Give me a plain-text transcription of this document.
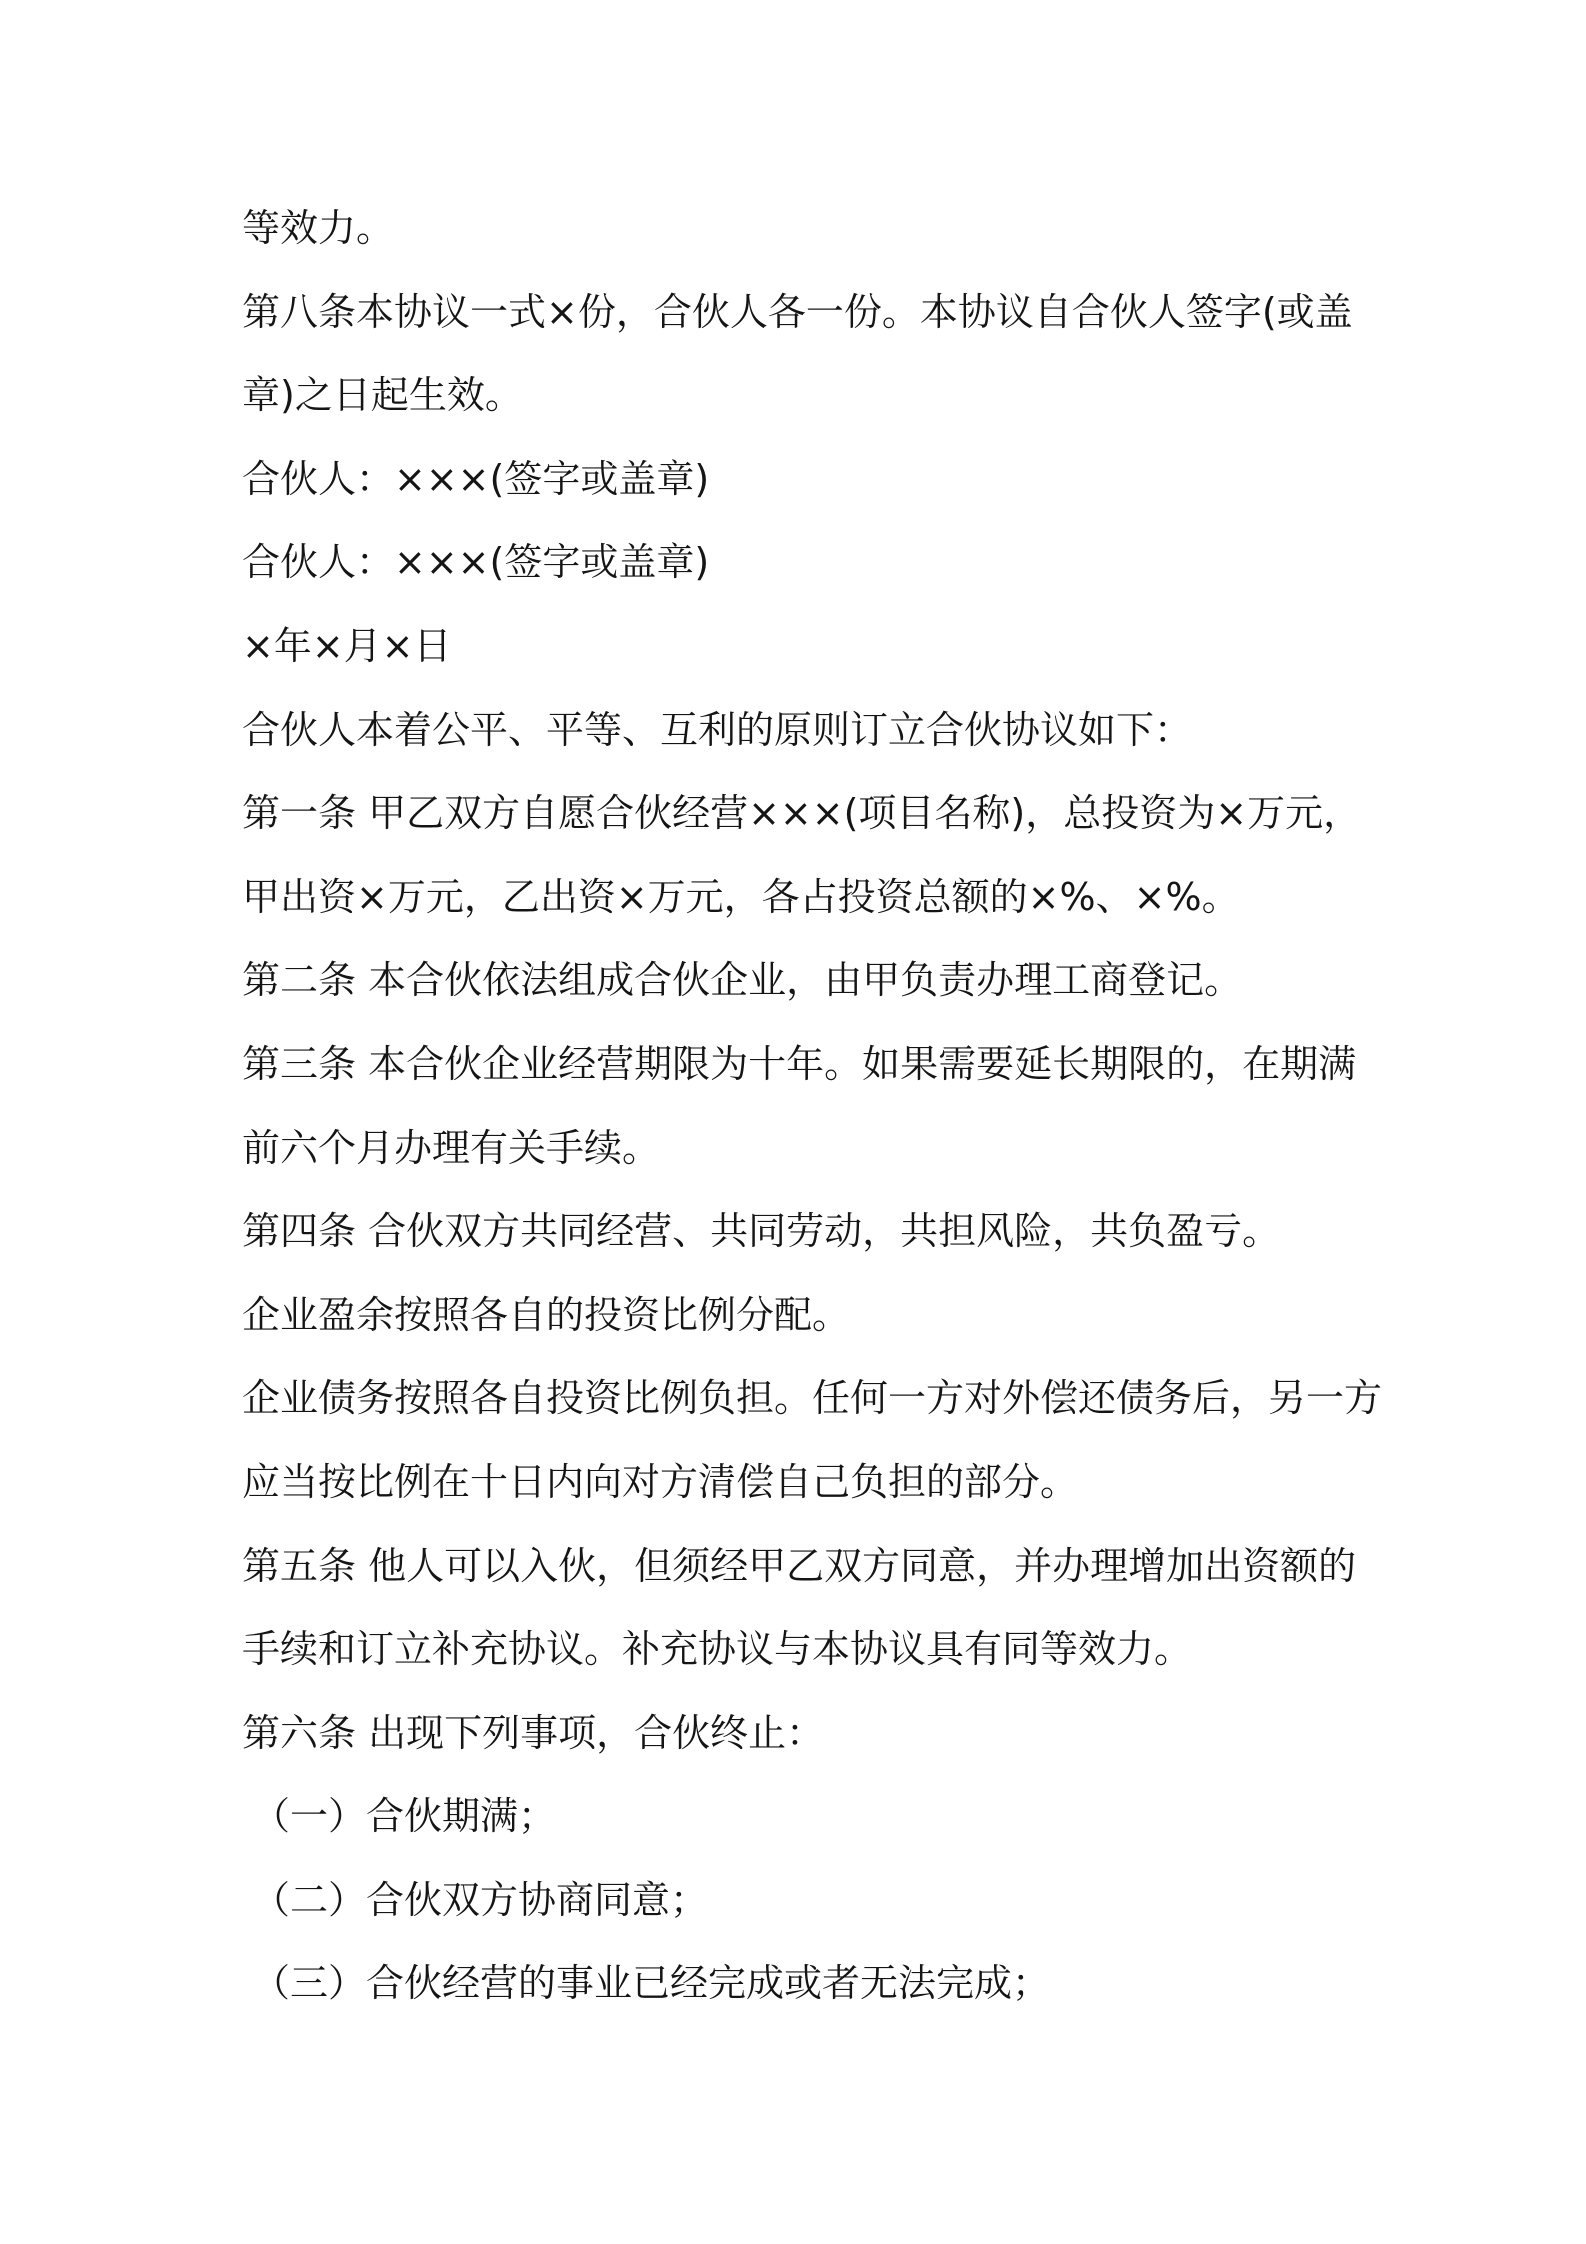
等效力。
第八条本协议一式×份，合伙人各一份。本协议自合伙人签字(或盖
章)之日起生效。
合伙人：×××(签字或盖章)
合伙人：×××(签字或盖章)
×年×月×日
合伙人本着公平、平等、互利的原则订立合伙协议如下：
第一条 甲乙双方自愿合伙经营×××(项目名称)，总投资为×万元，
甲出资×万元，乙出资×万元，各占投资总额的×%、×%。
第二条 本合伙依法组成合伙企业，由甲负责办理工商登记。
第三条 本合伙企业经营期限为十年。如果需要延长期限的，在期满
前六个月办理有关手续。
第四条 合伙双方共同经营、共同劳动，共担风险，共负盈亏。
企业盈余按照各自的投资比例分配。
企业债务按照各自投资比例负担。任何一方对外偿还债务后，另一方
应当按比例在十日内向对方清偿自己负担的部分。
第五条 他人可以入伙，但须经甲乙双方同意，并办理增加出资额的
手续和订立补充协议。补充协议与本协议具有同等效力。
第六条 出现下列事项，合伙终止：
（一）合伙期满；
（二）合伙双方协商同意；
（三）合伙经营的事业已经完成或者无法完成；
